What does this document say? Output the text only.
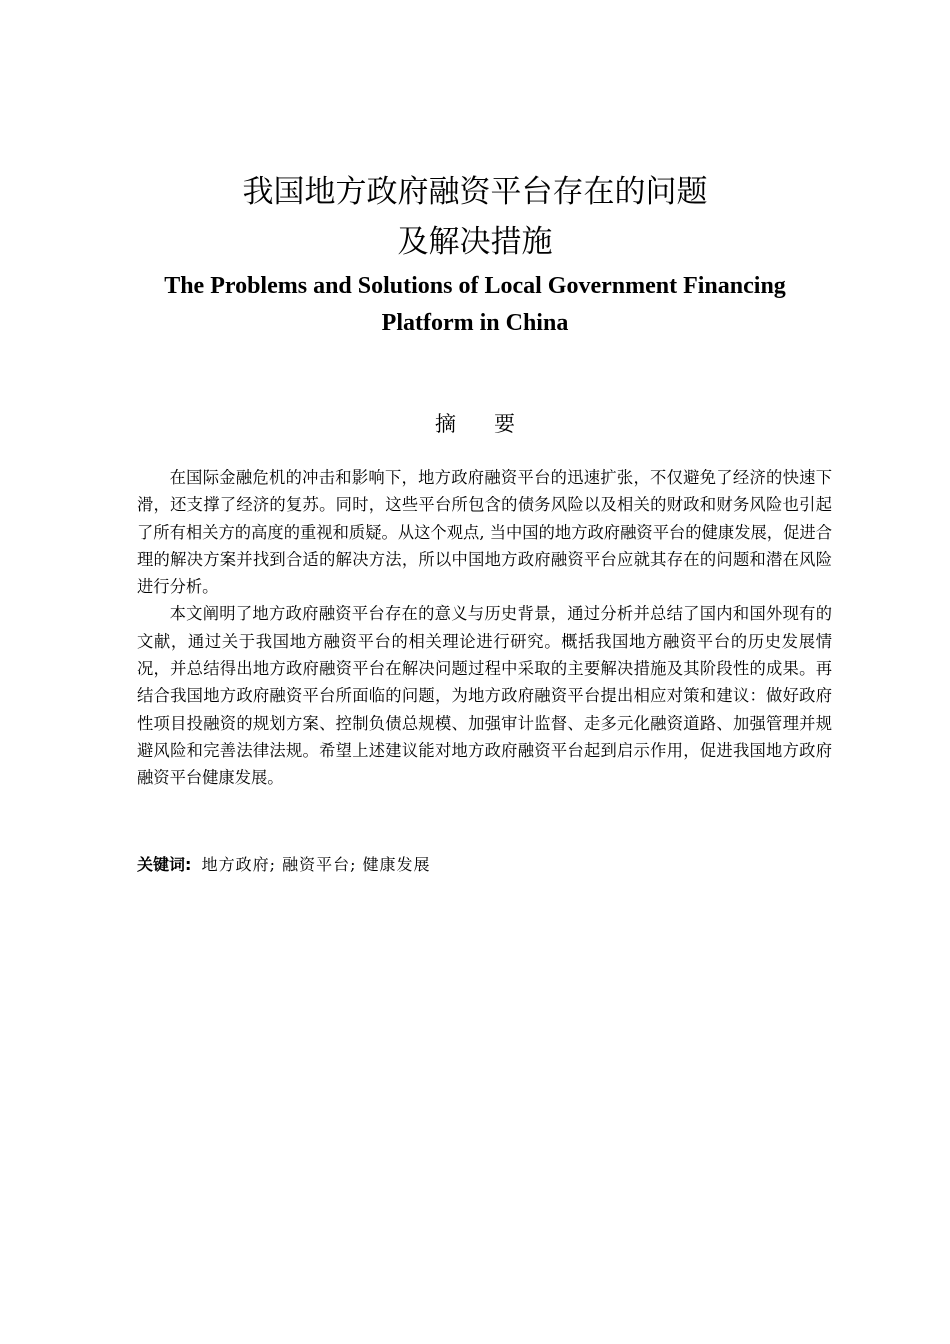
我国地方政府融资平台存在的问题
及解决措施
The Problems and Solutions of Local Government Financing Platform in China
摘 要

在国际金融危机的冲击和影响下，地方政府融资平台的迅速扩张，不仅避免了经济的快速下滑，还支撑了经济的复苏。同时，这些平台所包含的债务风险以及相关的财政和财务风险也引起了所有相关方的高度的重视和质疑。从这个观点, 当中国的地方政府融资平台的健康发展，促进合理的解决方案并找到合适的解决方法，所以中国地方政府融资平台应就其存在的问题和潜在风险进行分析。

本文阐明了地方政府融资平台存在的意义与历史背景，通过分析并总结了国内和国外现有的文献，通过关于我国地方融资平台的相关理论进行研究。概括我国地方融资平台的历史发展情况，并总结得出地方政府融资平台在解决问题过程中采取的主要解决措施及其阶段性的成果。再结合我国地方政府融资平台所面临的问题，为地方政府融资平台提出相应对策和建议：做好政府性项目投融资的规划方案、控制负债总规模、加强审计监督、走多元化融资道路、加强管理并规避风险和完善法律法规。希望上述建议能对地方政府融资平台起到启示作用，促进我国地方政府融资平台健康发展。

关键词: 地方政府; 融资平台; 健康发展
